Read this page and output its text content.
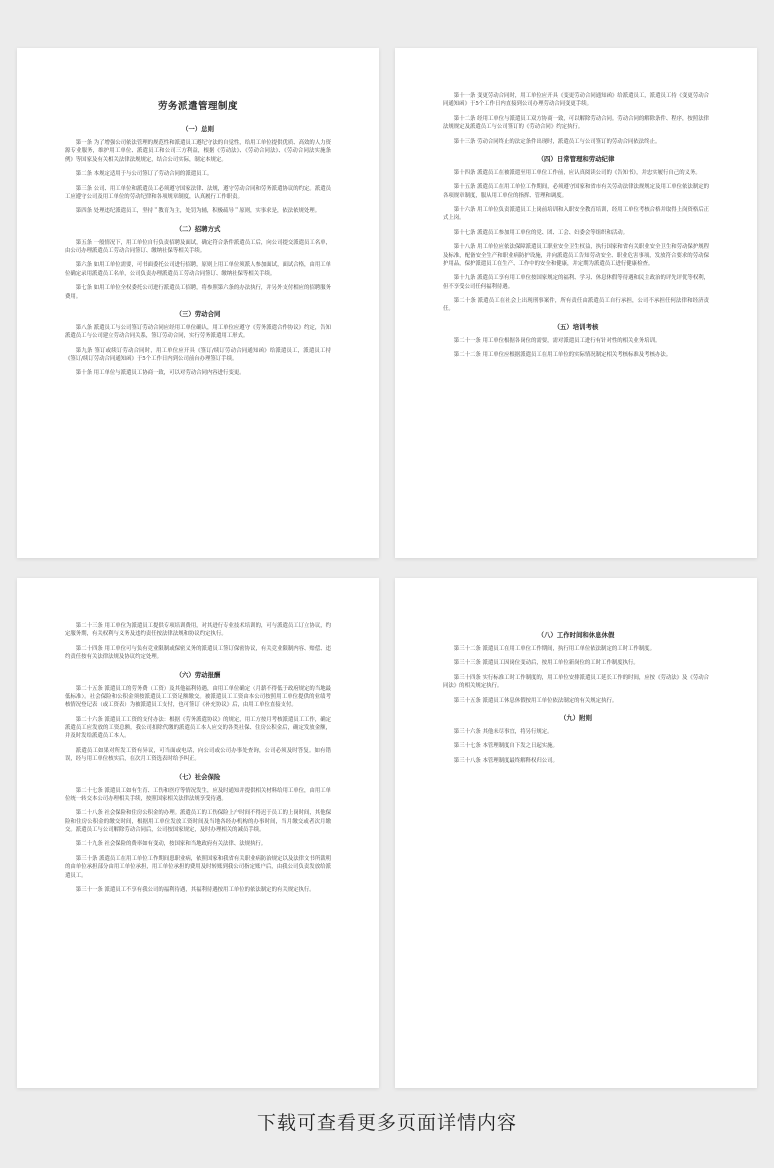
劳务派遣管理制度
（一）总则
第一条 为了增强公司依法管理的规范性和派遣员工遵纪守法的自觉性，给用工单位提供优质、高效的人力资源专业服务，维护用工单位、派遣员工和公司三方利益，根据《劳动法》、《劳动合同法》、《劳动合同法实施条例》等国家及有关相关法律法规规定，结合公司实际，制定本规定。
第二条 本规定适用于与公司签订了劳动合同的派遣员工。
第三条 公司、用工单位和派遣员工必须遵守国家法律、法规，遵守劳动合同和劳务派遣协议的约定。派遣员工应遵守公司及用工单位的劳动纪律和各项规章制度，认真履行工作职责。
第四条 处理违纪派遣员工，坚持＂教育为主，处罚为辅，积极疏导＂原则，实事求是，依法依规处理。
（二）招聘方式
第五条 一般情况下，用工单位自行负责招聘及面试，确定符合条件派遣员工后，向公司提交派遣员工名单，由公司办理派遣员工劳动合同签订、缴纳社保等相关手续。
第六条 如用工单位需要，可书面委托公司进行招聘，原则上用工单位须派人参加面试，面试合格，由用工单位确定录用派遣员工名单，公司负责办理派遣员工劳动合同签订、缴纳社保等相关手续。
第七条 如用工单位全权委托公司进行派遣员工招聘，将参照第六条的办法执行，并另外支付相应的招聘服务费用。
（三）劳动合同
第八条 派遣员工与公司签订劳动合同应经用工单位确认，用工单位应遵守《劳务派遣合作协议》约定，告知派遣员工与公司建立劳动合同关系，签订劳动合同，实行劳务派遣用工形式。
第九条 签订或续订劳动合同时，用工单位应开具《签订/续订劳动合同通知函》给派遣员工，派遣员工持《签订/续订劳动合同通知函》于5个工作日内到公司前台办理签订手续。
第十条 用工单位与派遣员工协商一致，可以对劳动合同内容进行变更。
第十一条 变更劳动合同时，用工单位应开具《变更劳动合同通知函》给派遣员工，派遣员工持《变更劳动合同通知函》于5个工作日内直接到公司办理劳动合同变更手续。
第十二条 经用工单位与派遣员工双方协商一致，可以解除劳动合同。劳动合同的解除条件、程序，按照法律法规规定及派遣员工与公司签订的《劳动合同》约定执行。
第十三条 劳动合同终止的法定条件出现时，派遣员工与公司签订的劳动合同依法终止。
（四）日常管理和劳动纪律
第十四条 派遣员工在被派遣至用工单位工作前，应认真阅读公司的《告知书》，并忠实履行自己的义务。
第十五条 派遣员工在用工单位工作期间，必须遵守国家和省市有关劳动法律法规规定及用工单位依法制定的各项规章制度，服从用工单位的指挥、管理和调度。
第十六条 用工单位负责派遣员工上岗前培训和入职安全教育培训，经用工单位考核合格并取得上岗资格后正式上岗。
第十七条 派遣员工参加用工单位的党、团、工会、妇委会等组织和活动。
第十八条 用工单位应依法保障派遣员工职业安全卫生权益，执行国家和省有关职业安全卫生和劳动保护规程及标准，配备安全生产和职业病防护设施，并向派遣员工告知劳动安全、职业危害事项，发放符合要求的劳动保护用品，保护派遣员工在生产、工作中的安全和健康，并定期为派遣员工进行健康检查。
第十九条 派遣员工享有用工单位按国家规定的福利、学习、休息休假等待遇和民主政治的评先评优等权利，但不享受公司任何福利待遇。
第二十条 派遣员工在社会上出现刑事案件，所有责任由派遣员工自行承担，公司不承担任何法律和经济责任。
（五）培训考核
第二十一条 用工单位根据各岗位的需要，需对派遣员工进行有针对性的相关业务培训。
第二十二条 用工单位应根据派遣员工在用工单位的实际情况制定相关考核标准及考核办法。
第二十三条 用工单位为派遣员工提供专项培训费用，对其进行专业技术培训的，可与派遣员工订立协议，约定服务期，有关权利与义务及违约责任按法律法规和协议约定执行。
第二十四条 用工单位可与负有竞业限制或保密义务的派遣员工签订保密协议，有关竞业限制内容、赔偿、违约责任按有关法律法规及协议约定处理。
（六）劳动报酬
第二十五条 派遣员工的劳务费（工资）及其他福利待遇，由用工单位确定（月薪不得低于政府规定的当地最低标准）。社会保险和公积金须按派遣员工工资足额缴交。被派遣员工工资由本公司按照用工单位提供的业绩考核情况登记表（或工资表）为被派遣员工支付，也可签订《补充协议》后，由用工单位直接支付。
第二十六条 派遣员工工资的支付办法：根据《劳务派遣协议》的规定，用工方按月考核派遣员工工作，确定派遣员工应发放的工资总额，我公司扣除代缴的派遣员工本人应交的各类社保、住房公积金后，确定发放金额，并及时发给派遣员工本人。
派遣员工如果对所发工资有异议，可当面或电话，向公司或公司办事处查询，公司必须及时答复。如有错误，经与用工单位核实后，在次月工资选表时给予纠正。
（七）社会保险
第二十七条 派遣员工如有生育、工伤和医疗等情况发生，应及时通知并提供相关材料给用工单位，由用工单位统一转交本公司办理相关手续，按照国家相关法律法规享受待遇。
第二十八条 社会保险和住房公积金的办理。派遣员工的工伤保险上户时间不得迟于员工的上岗时间，其他保险和住房公积金的缴交时间，根据用工单位发放工资时间及当地各经办机构的办事时间，当月缴交或者次月缴交。派遣员工与公司解除劳动合同后，公司按国家规定，及时办理相关的减员手续。
第二十九条 社会保险的费率如有变动，按国家和当地政府有关法律、法规执行。
第三十条 派遣员工在用工单位工作期间患职业病，依照国家和我省有关职业病防治规定以及法律文书所裁明的由单位承担部分由用工单位承担，用工单位承担的费用及时转账到我公司指定账户后，由我公司负责发放给派遣员工。
第三十一条 派遣员工不享有我公司的福利待遇，其福利待遇按用工单位的依法制定的有关规定执行。
（八）工作时间和休息休假
第三十二条 派遣员工在用工单位工作期间，执行用工单位依法制定的工时工作制度。
第三十三条 派遣员工因岗位变动后，按用工单位新岗位的工时工作制度执行。
第三十四条 实行标准工时工作制度的，用工单位安排派遣员工延长工作的时间，应按《劳动法》及《劳动合同法》的相关规定执行。
第三十五条 派遣员工休息休假按用工单位依法制定的有关规定执行。
（九）附则
第三十六条 其他未尽事宜，将另行规定。
第三十七条 本管理制度自下发之日起实施。
第三十八条 本管理制度最终解释权归公司。
下载可查看更多页面详情内容
